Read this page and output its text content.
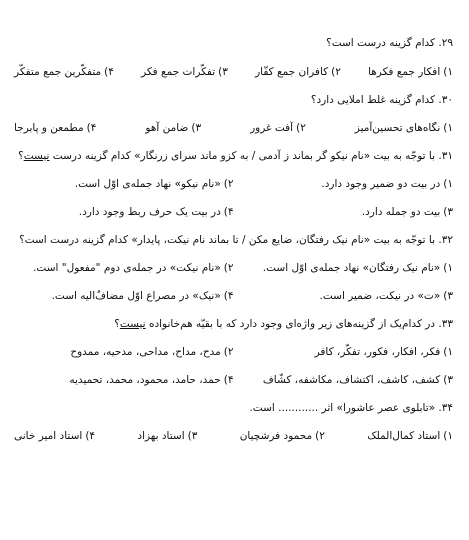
۲۹. کدام گزینه درست است؟
۱)افکار جمع فکرها
۲)کافران جمع کفّار
۳)تفکّرات جمع فکر
۴)متفکّرین جمع متفکّر
۳۰. کدام گزینه غلط املایی دارد؟
۱)نگاه‌های تحسین‌آمیز
۲)آفت غرور
۳)ضامن آهو
۴)مطمعن و پابرجا
۳۱. با توجّه به بیت «نام نیکو گر بماند ز آدمی / به کزو ماند سرای زرنگار» کدام گزینه درست نیست؟
۱)در بیت دو ضمیر وجود دارد.
۲)«نام نیکو» نهاد جمله‌ی اوّل است.
۳)بیت دو جمله دارد.
۴)در بیت یک حرف ربط وجود دارد.
۳۲. با توجّه به بیت «نام نیک رفتگان، ضایع مکن / تا بماند نام نیکت، پایدار» کدام گزینه درست است؟
۱)«نام نیک رفتگان» نهاد جمله‌ی اوّل است.
۲)«نام نیکت» در جمله‌ی دوم "مفعول" است.
۳)«ت» در نیکت، ضمیر است.
۴)«نیک» در مصراع اوّل مضافٌ‌الیه است.
۳۳. در کدام‌یک از گزینه‌های زیر واژه‌ای وجود دارد که با بقیّه هم‌خانواده نیست؟
۱)فکر، افکار، فکور، تفکّر، کافر
۲)مدح، مداح، مداحی، مدحیه، ممدوح
۳)کشف، کاشف، اکتشاف، مکاشفه، کشّاف
۴)حمد، حامد، محمود، محمد، تحمیدیه
۳۴. «تابلوی عصر عاشورا» اثر ............ است.
۱)استاد کمال‌الملک
۲)محمود فرشچیان
۳)استاد بهزاد
۴)استاد امیر خانی
